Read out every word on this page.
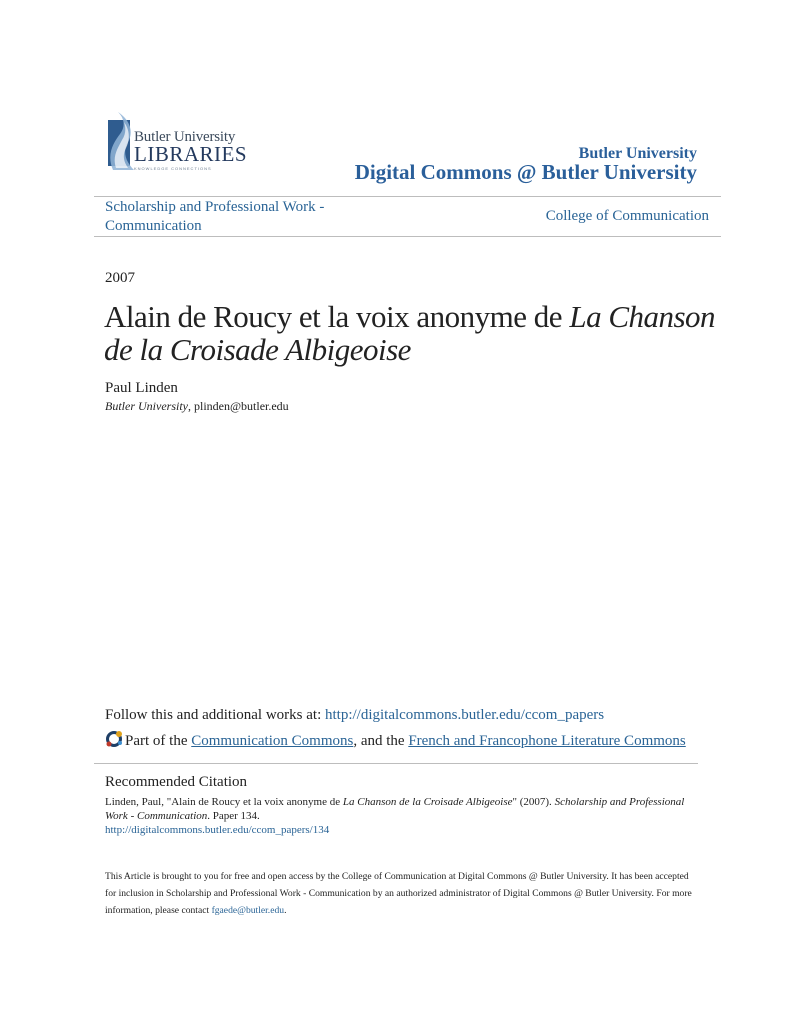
Butler University
LIBRARIES
KNOWLEDGE CONNECTIONS
Butler University
Digital Commons @ Butler University
Scholarship and Professional Work - Communication
College of Communication
2007
Alain de Roucy et la voix anonyme de La Chanson de la Croisade Albigeoise
Paul Linden
Butler University, plinden@butler.edu
Follow this and additional works at: http://digitalcommons.butler.edu/ccom_papers
Part of the Communication Commons, and the French and Francophone Literature Commons
Recommended Citation
Linden, Paul, "Alain de Roucy et la voix anonyme de La Chanson de la Croisade Albigeoise" (2007). Scholarship and Professional Work - Communication. Paper 134.
http://digitalcommons.butler.edu/ccom_papers/134
This Article is brought to you for free and open access by the College of Communication at Digital Commons @ Butler University. It has been accepted for inclusion in Scholarship and Professional Work - Communication by an authorized administrator of Digital Commons @ Butler University. For more information, please contact fgaede@butler.edu.
